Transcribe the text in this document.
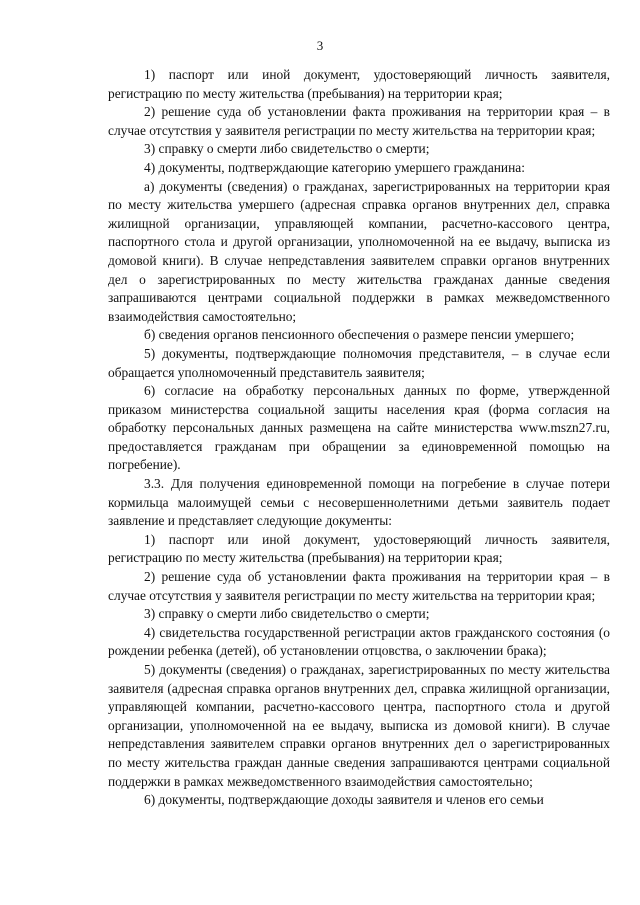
3

1) паспорт или иной документ, удостоверяющий личность заявителя, регистрацию по месту жительства (пребывания) на территории края;

2) решение суда об установлении факта проживания на территории края – в случае отсутствия у заявителя регистрации по месту жительства на территории края;

3) справку о смерти либо свидетельство о смерти;

4) документы, подтверждающие категорию умершего гражданина:

а) документы (сведения) о гражданах, зарегистрированных на территории края по месту жительства умершего (адресная справка органов внутренних дел, справка жилищной организации, управляющей компании, расчетно-кассового центра, паспортного стола и другой организации, уполномоченной на ее выдачу, выписка из домовой книги). В случае непредставления заявителем справки органов внутренних дел о зарегистрированных по месту жительства гражданах данные сведения запрашиваются центрами социальной поддержки в рамках межведомственного взаимодействия самостоятельно;

б) сведения органов пенсионного обеспечения о размере пенсии умершего;

5) документы, подтверждающие полномочия представителя, – в случае если обращается уполномоченный представитель заявителя;

6) согласие на обработку персональных данных по форме, утвержденной приказом министерства социальной защиты населения края (форма согласия на обработку персональных данных размещена на сайте министерства www.mszn27.ru, предоставляется гражданам при обращении за единовременной помощью на погребение).

3.3. Для получения единовременной помощи на погребение в случае потери кормильца малоимущей семьи с несовершеннолетними детьми заявитель подает заявление и представляет следующие документы:

1) паспорт или иной документ, удостоверяющий личность заявителя, регистрацию по месту жительства (пребывания) на территории края;

2) решение суда об установлении факта проживания на территории края – в случае отсутствия у заявителя регистрации по месту жительства на территории края;

3) справку о смерти либо свидетельство о смерти;

4) свидетельства государственной регистрации актов гражданского состояния (о рождении ребенка (детей), об установлении отцовства, о заключении брака);

5) документы (сведения) о гражданах, зарегистрированных по месту жительства заявителя (адресная справка органов внутренних дел, справка жилищной организации, управляющей компании, расчетно-кассового центра, паспортного стола и другой организации, уполномоченной на ее выдачу, выписка из домовой книги). В случае непредставления заявителем справки органов внутренних дел о зарегистрированных по месту жительства граждан данные сведения запрашиваются центрами социальной поддержки в рамках межведомственного взаимодействия самостоятельно;

6) документы, подтверждающие доходы заявителя и членов его семьи
